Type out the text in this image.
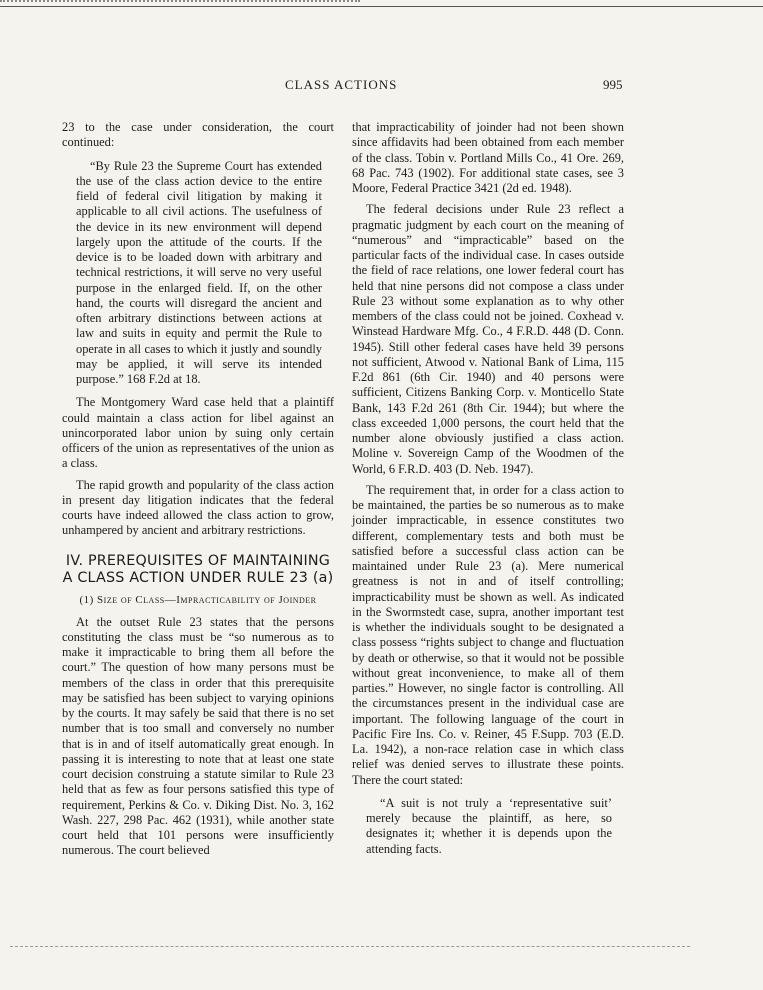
CLASS ACTIONS	995

23 to the case under consideration, the court continued:

“By Rule 23 the Supreme Court has extended the use of the class action device to the entire field of federal civil litigation by making it applicable to all civil actions. The usefulness of the device in its new environment will depend largely upon the attitude of the courts. If the device is to be loaded down with arbitrary and technical restrictions, it will serve no very useful purpose in the enlarged field. If, on the other hand, the courts will disregard the ancient and often arbitrary distinctions between actions at law and suits in equity and permit the Rule to operate in all cases to which it justly and soundly may be applied, it will serve its intended purpose.” 168 F.2d at 18.

The Montgomery Ward case held that a plaintiff could maintain a class action for libel against an unincorporated labor union by suing only certain officers of the union as representatives of the union as a class.

The rapid growth and popularity of the class action in present day litigation indicates that the federal courts have indeed allowed the class action to grow, unhampered by ancient and arbitrary restrictions.

IV. PREREQUISITES OF MAINTAINING A CLASS ACTION UNDER RULE 23 (a)
(1) Size of Class—Impracticability of Joinder

At the outset Rule 23 states that the persons constituting the class must be “so numerous as to make it impracticable to bring them all before the court.” The question of how many persons must be members of the class in order that this prerequisite may be satisfied has been subject to varying opinions by the courts. It may safely be said that there is no set number that is too small and conversely no number that is in and of itself automatically great enough. In passing it is interesting to note that at least one state court decision construing a statute similar to Rule 23 held that as few as four persons satisfied this type of requirement, Perkins & Co. v. Diking Dist. No. 3, 162 Wash. 227, 298 Pac. 462 (1931), while another state court held that 101 persons were insufficiently numerous. The court believed

that impracticability of joinder had not been shown since affidavits had been obtained from each member of the class. Tobin v. Portland Mills Co., 41 Ore. 269, 68 Pac. 743 (1902). For additional state cases, see 3 Moore, Federal Practice 3421 (2d ed. 1948).

The federal decisions under Rule 23 reflect a pragmatic judgment by each court on the meaning of “numerous” and “impracticable” based on the particular facts of the individual case. In cases outside the field of race relations, one lower federal court has held that nine persons did not compose a class under Rule 23 without some explanation as to why other members of the class could not be joined. Coxhead v. Winstead Hardware Mfg. Co., 4 F.R.D. 448 (D. Conn. 1945). Still other federal cases have held 39 persons not sufficient, Atwood v. National Bank of Lima, 115 F.2d 861 (6th Cir. 1940) and 40 persons were sufficient, Citizens Banking Corp. v. Monticello State Bank, 143 F.2d 261 (8th Cir. 1944); but where the class exceeded 1,000 persons, the court held that the number alone obviously justified a class action. Moline v. Sovereign Camp of the Woodmen of the World, 6 F.R.D. 403 (D. Neb. 1947).

The requirement that, in order for a class action to be maintained, the parties be so numerous as to make joinder impracticable, in essence constitutes two different, complementary tests and both must be satisfied before a successful class action can be maintained under Rule 23 (a). Mere numerical greatness is not in and of itself controlling; impracticability must be shown as well. As indicated in the Swormstedt case, supra, another important test is whether the individuals sought to be designated a class possess “rights subject to change and fluctuation by death or otherwise, so that it would not be possible without great inconvenience, to make all of them parties.” However, no single factor is controlling. All the circumstances present in the individual case are important. The following language of the court in Pacific Fire Ins. Co. v. Reiner, 45 F.Supp. 703 (E.D. La. 1942), a non-race relation case in which class relief was denied serves to illustrate these points. There the court stated:

“A suit is not truly a ‘representative suit’ merely because the plaintiff, as here, so designates it; whether it is depends upon the attending facts.
